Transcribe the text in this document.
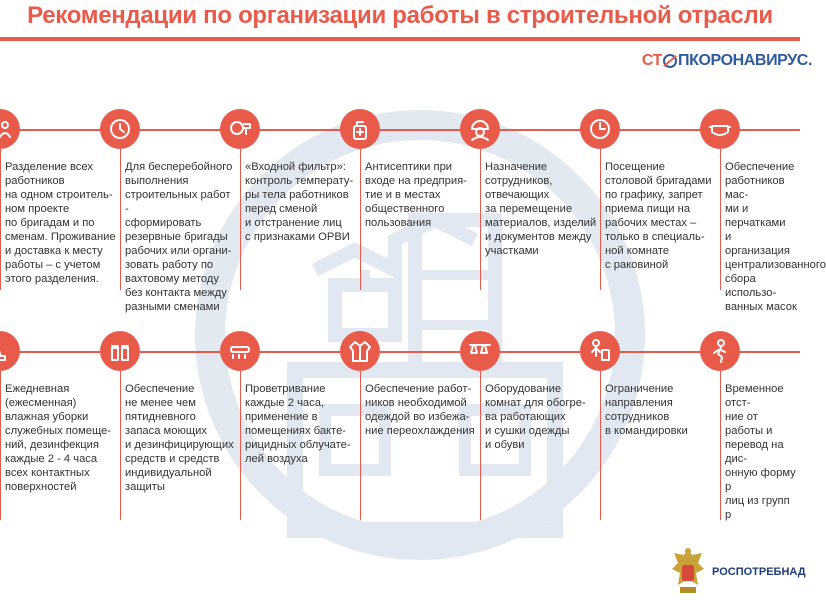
Рекомендации по организации работы в строительной отрасли
СТ ПКОРОНАВИРУС.
Разделение всех
работников
на одном строитель-
ном проекте
по бригадам и по
сменам. Проживание
и доставка к месту
работы – с учетом
этого разделения.
Для бесперебойного
выполнения
строительных работ -
сформировать
резервные бригады
рабочих или органи-
зовать работу по
вахтовому методу
без контакта между
разными сменами
«Входной фильтр»:
контроль температу-
ры тела работников
перед сменой
и отстранение лиц
с признаками ОРВИ
Антисептики при
входе на предприя-
тие и в местах
общественного
пользования
Назначение
сотрудников,
отвечающих
за перемещение
материалов, изделий
и документов между
участками
Посещение
столовой бригадами
по графику, запрет
приема пищи на
рабочих местах –
только в специаль-
ной комнате
с раковиной
Обеспечение
работников мас-
ми и перчатками
и организация
централизованного
сбора использо-
ванных масок
Ежедневная
(ежесменная)
влажная уборки
служебных помеще-
ний, дезинфекция
каждые 2 - 4 часа
всех контактных
поверхностей
Обеспечение
не менее чем
пятидневного
запаса моющих
и дезинфицирующих
средств и средств
индивидуальной
защиты
Проветривание
каждые 2 часа,
применение в
помещениях бакте-
рицидных облучате-
лей воздуха
Обеспечение работ-
ников необходимой
одеждой во избежа-
ние переохлаждения
Оборудование
комнат для обогре-
ва работающих
и сушки одежды
и обуви
Ограничение
направления
сотрудников
в командировки
Временное отст-
ние от работы и
перевод на дис-
онную форму р
лиц из групп р
РОСПОТРЕБНАД
